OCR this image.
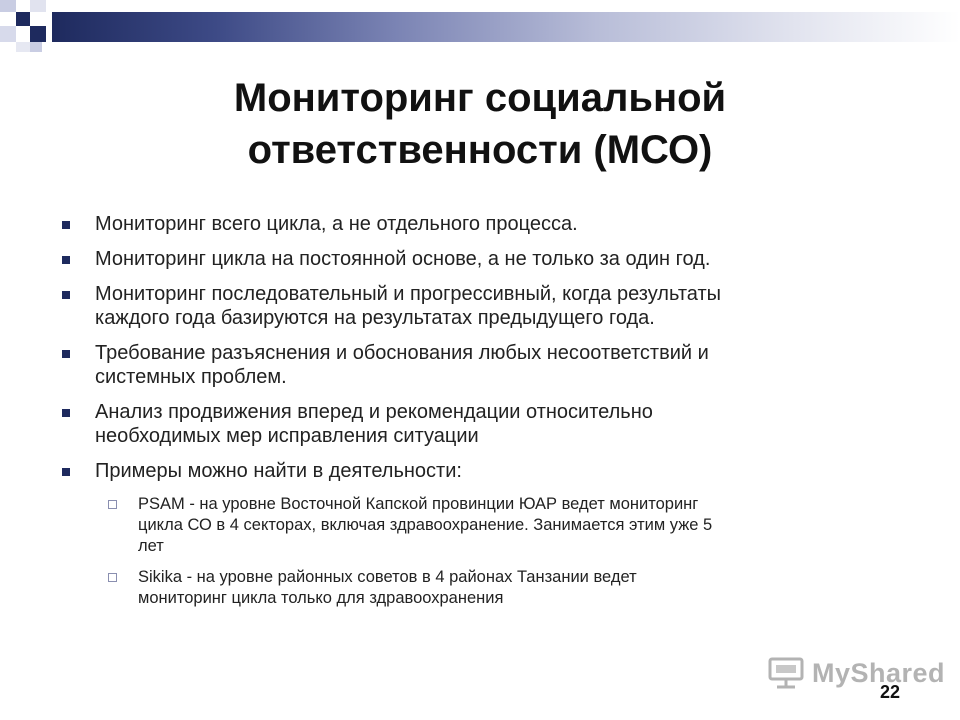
Мониторинг социальной
ответственности (МСО)
Мониторинг всего цикла, а не отдельного процесса.
Мониторинг цикла на постоянной основе, а не только за один год.
Мониторинг последовательный и прогрессивный, когда результаты
каждого года базируются на результатах предыдущего года.
Требование разъяснения и обоснования любых несоответствий и
системных проблем.
Анализ продвижения вперед и рекомендации относительно
необходимых мер исправления ситуации
Примеры можно найти в деятельности:
PSAM - на уровне Восточной Капской провинции ЮАР ведет мониторинг
цикла СО в 4 секторах, включая здравоохранение. Занимается этим уже 5
лет
Sikika - на уровне районных советов в 4 районах Танзании ведет
мониторинг цикла только для здравоохранения
MyShared
22
